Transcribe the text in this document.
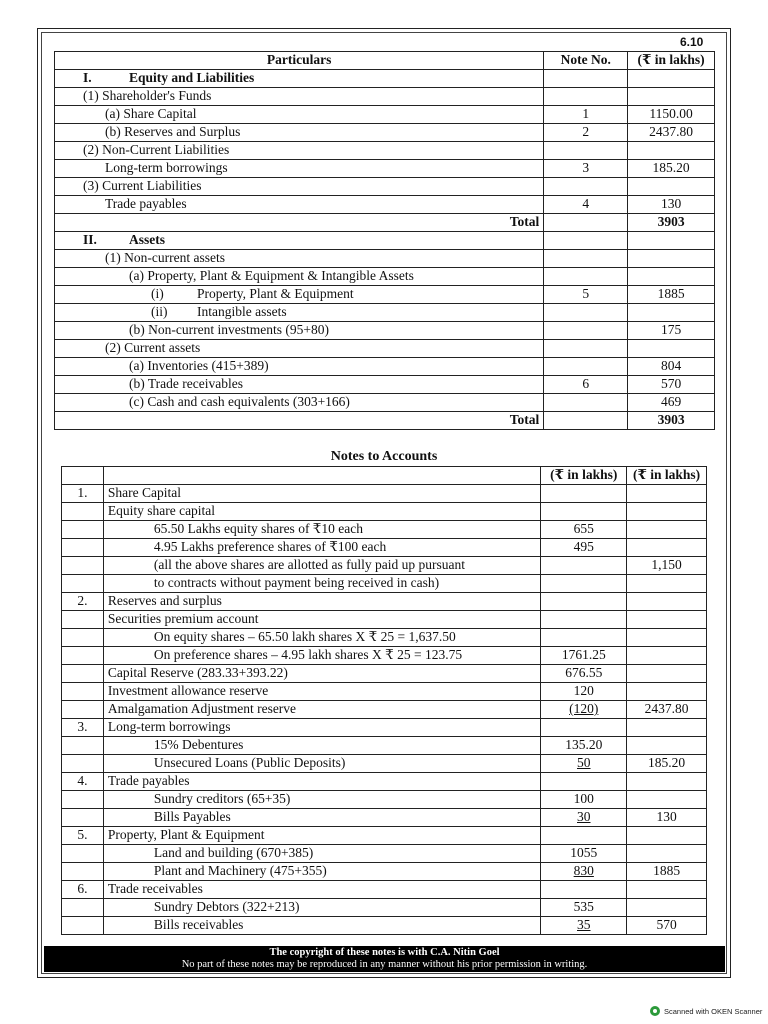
6.10
Particulars	Note No.	(₹ in lakhs)
I. Equity and Liabilities		
(1) Shareholder's Funds		
(a) Share Capital	1	1150.00
(b) Reserves and Surplus	2	2437.80
(2) Non-Current Liabilities		
Long-term borrowings	3	185.20
(3) Current Liabilities		
Trade payables	4	130
Total		3903
II. Assets		
(1) Non-current assets		
(a) Property, Plant & Equipment & Intangible Assets		
(i) Property, Plant & Equipment	5	1885
(ii) Intangible assets		
(b) Non-current investments (95+80)		175
(2) Current assets		
(a) Inventories (415+389)		804
(b) Trade receivables	6	570
(c) Cash and cash equivalents (303+166)		469
Total		3903
Notes to Accounts
		(₹ in lakhs)	(₹ in lakhs)
1.	Share Capital		
	Equity share capital		
	65.50 Lakhs equity shares of ₹10 each	655	
	4.95 Lakhs preference shares of ₹100 each	495	
	(all the above shares are allotted as fully paid up pursuant		1,150
	to contracts without payment being received in cash)		
2.	Reserves and surplus		
	Securities premium account		
	On equity shares – 65.50 lakh shares X ₹ 25 = 1,637.50		
	On preference shares – 4.95 lakh shares X ₹ 25 = 123.75	1761.25	
	Capital Reserve (283.33+393.22)	676.55	
	Investment allowance reserve	120	
	Amalgamation Adjustment reserve	(120)	2437.80
3.	Long-term borrowings		
	15% Debentures	135.20	
	Unsecured Loans (Public Deposits)	50	185.20
4.	Trade payables		
	Sundry creditors (65+35)	100	
	Bills Payables	30	130
5.	Property, Plant & Equipment		
	Land and building (670+385)	1055	
	Plant and Machinery (475+355)	830	1885
6.	Trade receivables		
	Sundry Debtors (322+213)	535	
	Bills receivables	35	570
The copyright of these notes is with C.A. Nitin Goel
No part of these notes may be reproduced in any manner without his prior permission in writing.
Scanned with OKEN Scanner
